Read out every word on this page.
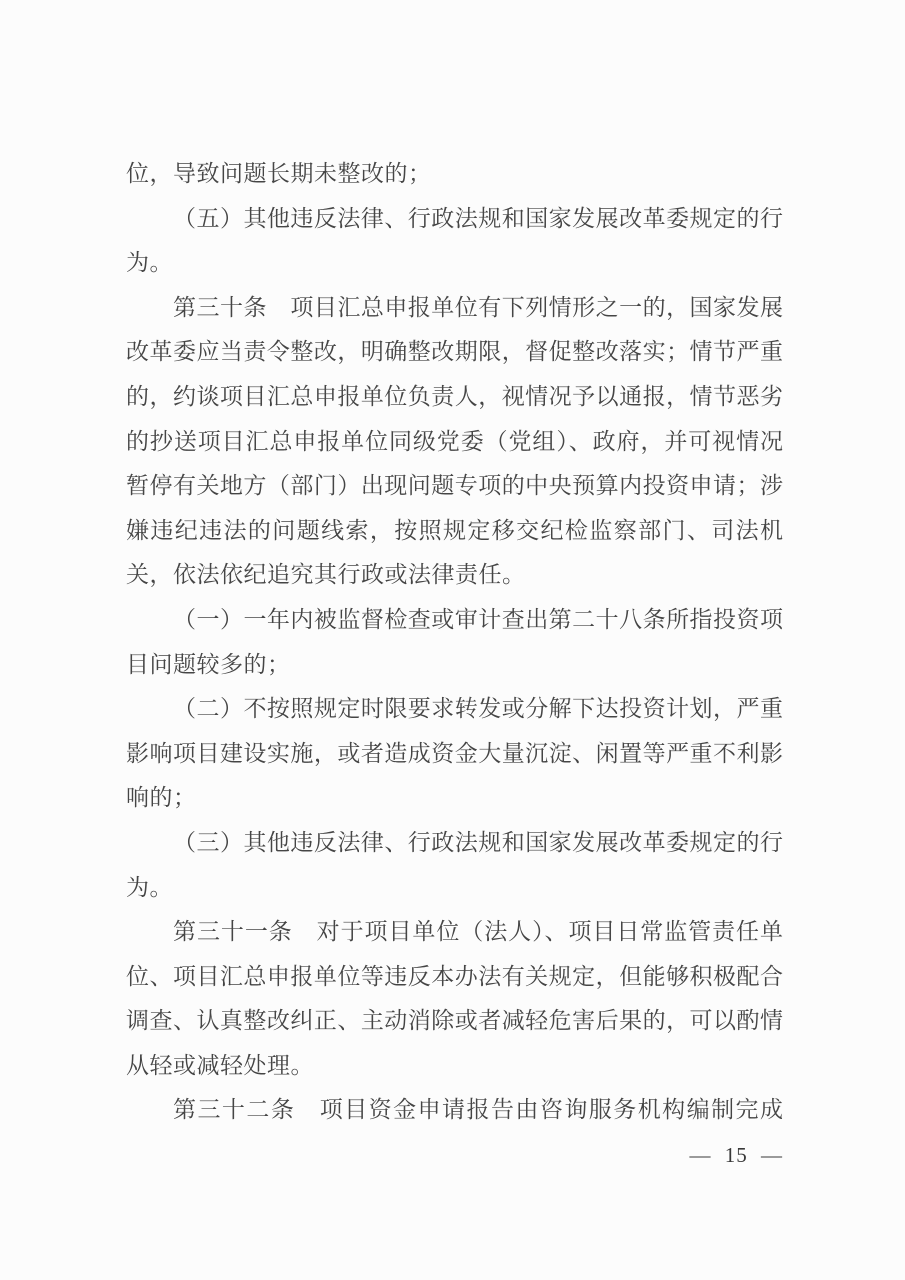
位，导致问题长期未整改的；
（五）其他违反法律、行政法规和国家发展改革委规定的行
为。
第三十条　项目汇总申报单位有下列情形之一的，国家发展
改革委应当责令整改，明确整改期限，督促整改落实；情节严重
的，约谈项目汇总申报单位负责人，视情况予以通报，情节恶劣
的抄送项目汇总申报单位同级党委（党组）、政府，并可视情况
暂停有关地方（部门）出现问题专项的中央预算内投资申请；涉
嫌违纪违法的问题线索，按照规定移交纪检监察部门、司法机
关，依法依纪追究其行政或法律责任。
（一）一年内被监督检查或审计查出第二十八条所指投资项
目问题较多的；
（二）不按照规定时限要求转发或分解下达投资计划，严重
影响项目建设实施，或者造成资金大量沉淀、闲置等严重不利影
响的；
（三）其他违反法律、行政法规和国家发展改革委规定的行
为。
第三十一条　对于项目单位（法人）、项目日常监管责任单
位、项目汇总申报单位等违反本办法有关规定，但能够积极配合
调查、认真整改纠正、主动消除或者减轻危害后果的，可以酌情
从轻或减轻处理。
第三十二条　项目资金申请报告由咨询服务机构编制完成
— 15 —
